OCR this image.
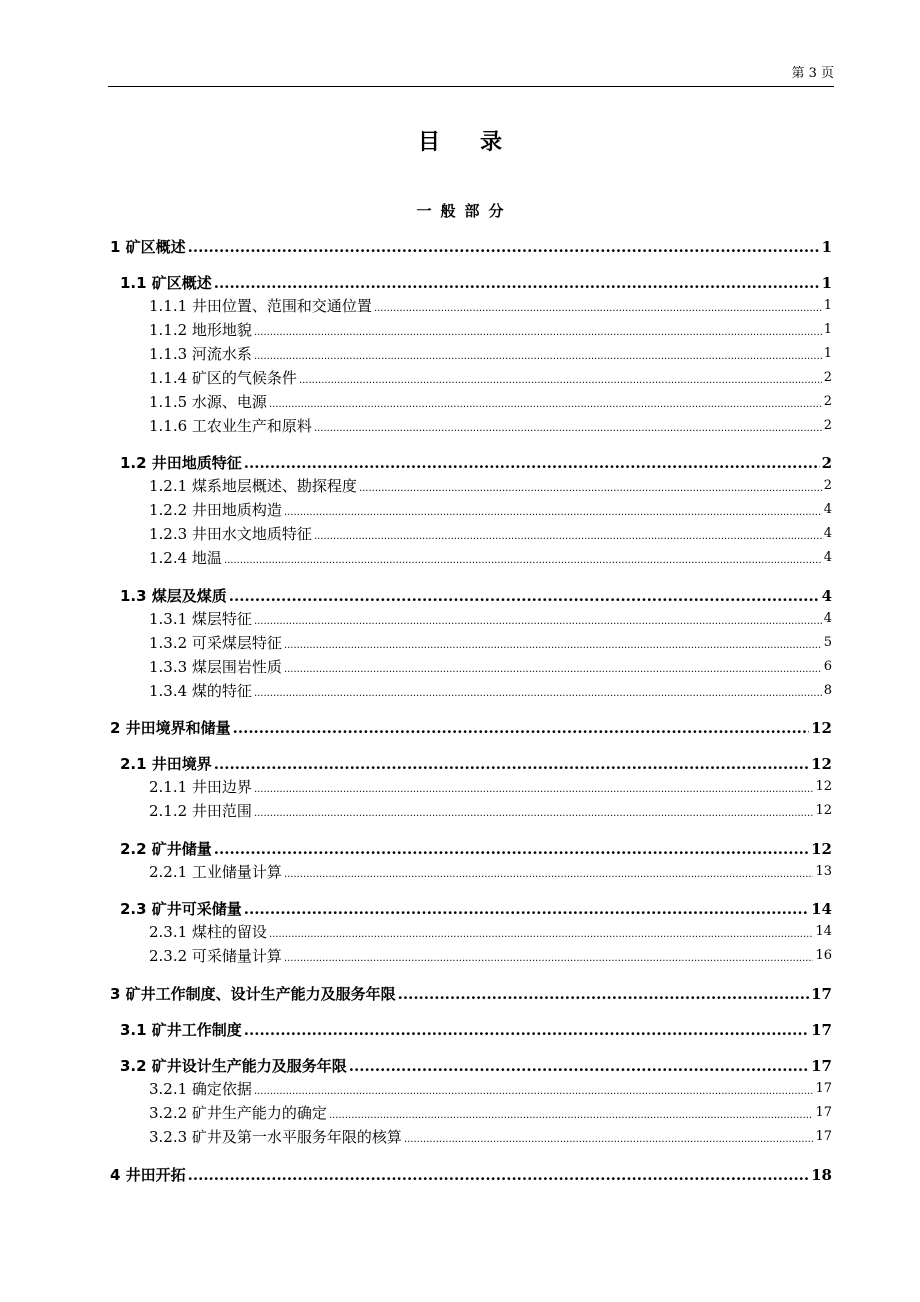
第 3 页
目录
一般部分
1 矿区概述 .....	1
1.1 矿区概述 .....	1
1.1.1 井田位置、范围和交通位置 .....	1
1.1.2 地形地貌 .....	1
1.1.3 河流水系 .....	1
1.1.4 矿区的气候条件 .....	2
1.1.5 水源、电源 .....	2
1.1.6 工农业生产和原料 .....	2
1.2 井田地质特征 .....	2
1.2.1 煤系地层概述、勘探程度 .....	2
1.2.2 井田地质构造 .....	4
1.2.3 井田水文地质特征 .....	4
1.2.4 地温 .....	4
1.3 煤层及煤质 .....	4
1.3.1 煤层特征 .....	4
1.3.2 可采煤层特征 .....	5
1.3.3 煤层围岩性质 .....	6
1.3.4 煤的特征 .....	8
2 井田境界和储量 .....	12
2.1 井田境界 .....	12
2.1.1 井田边界 .....	12
2.1.2 井田范围 .....	12
2.2 矿井储量 .....	12
2.2.1 工业储量计算 .....	13
2.3 矿井可采储量 .....	14
2.3.1 煤柱的留设 .....	14
2.3.2 可采储量计算 .....	16
3 矿井工作制度、设计生产能力及服务年限 .....	17
3.1 矿井工作制度 .....	17
3.2 矿井设计生产能力及服务年限 .....	17
3.2.1 确定依据 .....	17
3.2.2 矿井生产能力的确定 .....	17
3.2.3 矿井及第一水平服务年限的核算 .....	17
4 井田开拓 .....	18
